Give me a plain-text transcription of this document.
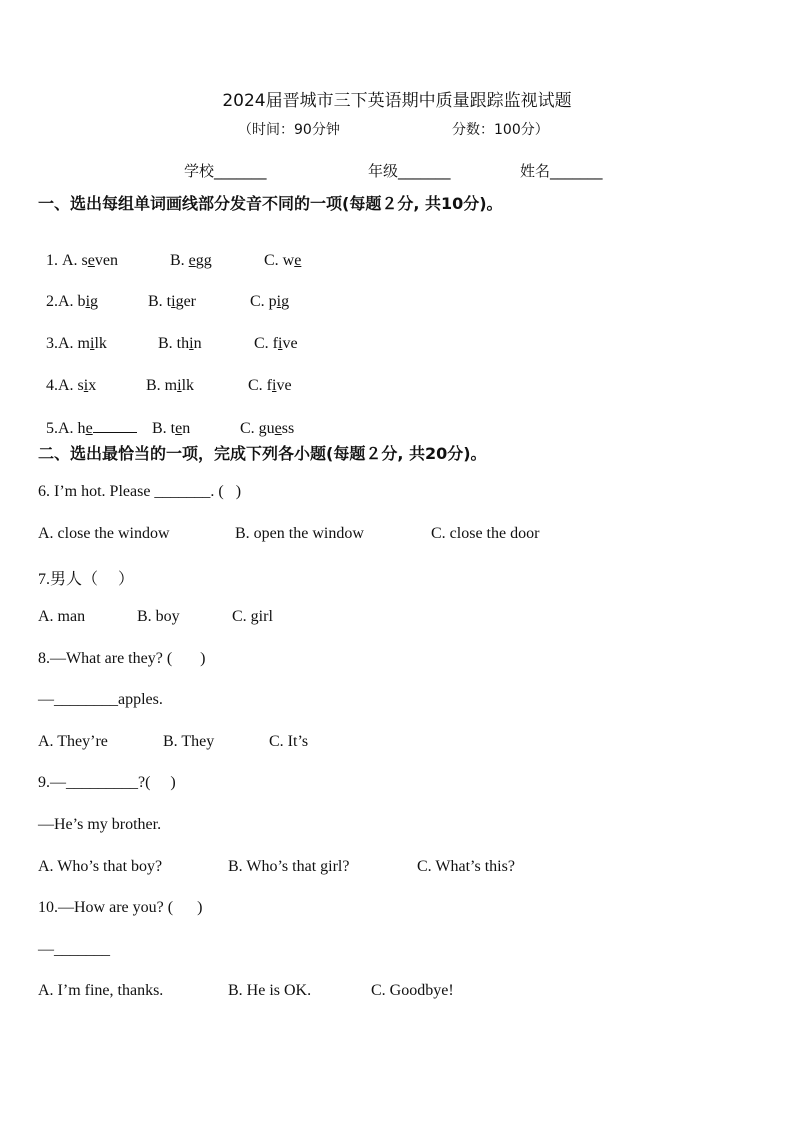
2024届晋城市三下英语期中质量跟踪监视试题
（时间：90分钟	分数：100分）
学校_______	年级_______	姓名_______
一、选出每组单词画线部分发音不同的一项(每题２分, 共10分)。

1. A. seven	B. egg	C. we

2.A. big	B. tiger	C. pig

3.A. milk	B. thin	C. five

4.A. six	B. milk	C. five

5.A. he	B. ten	C. guess

二、选出最恰当的一项，完成下列各小题(每题２分, 共20分)。
6. I’m hot. Please _______. (   )
A. close the window	B. open the window	C. close the door
7.男人（     ）
A. man	B. boy	C. girl
8.—What are they? (       )
—________apples.
A. They’re	B. They	C. It’s
9.—_________?(     )
—He’s my brother.
A. Who’s that boy?	B. Who’s that girl?	C. What’s this?
10.—How are you? (      )
—_______
A. I’m fine, thanks.	B. He is OK.	C. Goodbye!
